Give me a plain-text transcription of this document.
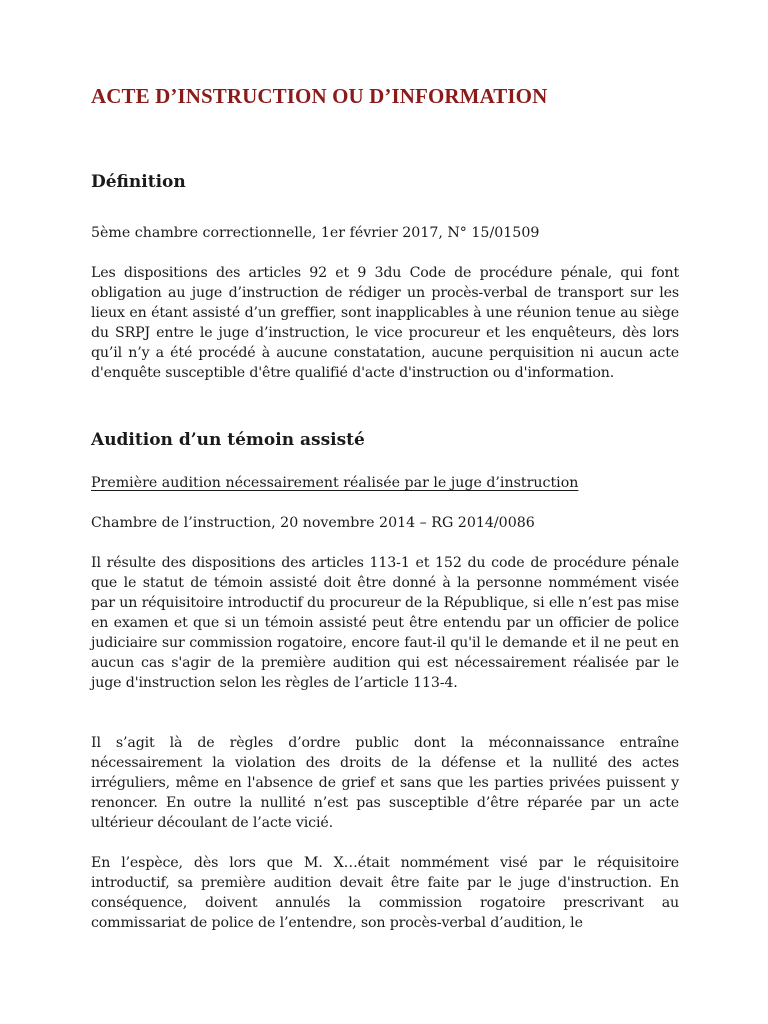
ACTE D’INSTRUCTION OU D’INFORMATION
Définition

5ème chambre correctionnelle, 1er février 2017, N° 15/01509

Les dispositions des articles 92 et 9 3du Code de procédure pénale, qui font obligation au juge d’instruction de rédiger un procès-verbal de transport sur les lieux en étant assisté d’un greffier, sont inapplicables à une réunion tenue au siège du SRPJ entre le juge d’instruction, le vice procureur et les enquêteurs, dès lors qu’il n’y a été procédé à aucune constatation, aucune perquisition ni aucun acte d'enquête susceptible d'être qualifié d'acte d'instruction ou d'information.

Audition d’un témoin assisté

Première audition nécessairement réalisée par le juge d’instruction

Chambre de l’instruction, 20 novembre 2014 – RG 2014/0086

Il résulte des dispositions des articles 113-1 et 152 du code de procédure pénale que le statut de témoin assisté doit être donné à la personne nommément visée par un réquisitoire introductif du procureur de la République, si elle n’est pas mise en examen et que si un témoin assisté peut être entendu par un officier de police judiciaire sur commission rogatoire, encore faut-il qu'il le demande et il ne peut en aucun cas s'agir de la première audition qui est nécessairement réalisée par le juge d'instruction selon les règles de l’article 113-4.

Il s’agit là de règles d’ordre public dont la méconnaissance entraîne nécessairement la violation des droits de la défense et la nullité des actes irréguliers, même en l'absence de grief et sans que les parties privées puissent y renoncer. En outre la nullité n’est pas susceptible d’être réparée par un acte ultérieur découlant de l’acte vicié.

En l’espèce, dès lors que M. X…était nommément visé par le réquisitoire introductif, sa première audition devait être faite par le juge d'instruction. En conséquence, doivent annulés la commission rogatoire prescrivant au commissariat de police de l’entendre, son procès-verbal d’audition, le
